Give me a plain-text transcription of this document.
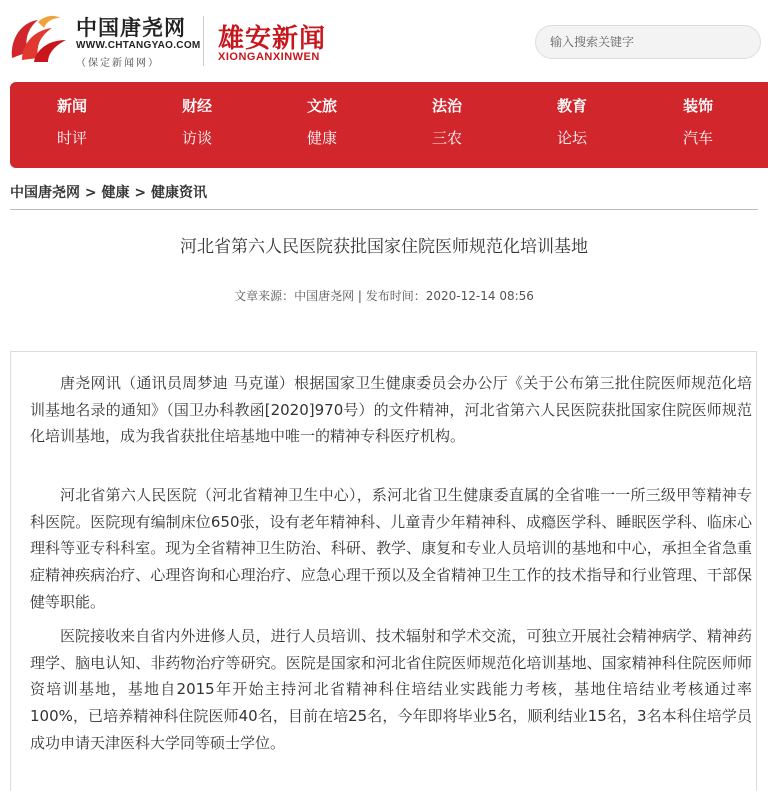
中国唐尧网
WWW.CHTANGYAO.COM
（保定新闻网）
雄安新闻
XIONGANXINWEN
输入搜索关键字
新闻
时评
财经
访谈
文旅
健康
法治
三农
教育
论坛
装饰
汽车
中国唐尧网 > 健康 > 健康资讯
河北省第六人民医院获批国家住院医师规范化培训基地
文章来源：中国唐尧网 | 发布时间：2020-12-14 08:56

唐尧网讯（通讯员周梦迪 马克谨）根据国家卫生健康委员会办公厅《关于公布第三批住院医师规范化培训基地名录的通知》（国卫办科教函[2020]970号）的文件精神，河北省第六人民医院获批国家住院医师规范化培训基地，成为我省获批住培基地中唯一的精神专科医疗机构。

河北省第六人民医院（河北省精神卫生中心），系河北省卫生健康委直属的全省唯一一所三级甲等精神专科医院。医院现有编制床位650张，设有老年精神科、儿童青少年精神科、成瘾医学科、睡眠医学科、临床心理科等亚专科科室。现为全省精神卫生防治、科研、教学、康复和专业人员培训的基地和中心，承担全省急重症精神疾病治疗、心理咨询和心理治疗、应急心理干预以及全省精神卫生工作的技术指导和行业管理、干部保健等职能。

医院接收来自省内外进修人员，进行人员培训、技术辐射和学术交流，可独立开展社会精神病学、精神药理学、脑电认知、非药物治疗等研究。医院是国家和河北省住院医师规范化培训基地、国家精神科住院医师师资培训基地，基地自2015年开始主持河北省精神科住培结业实践能力考核，基地住培结业考核通过率100%，已培养精神科住院医师40名，目前在培25名，今年即将毕业5名，顺利结业15名，3名本科住培学员成功申请天津医科大学同等硕士学位。
